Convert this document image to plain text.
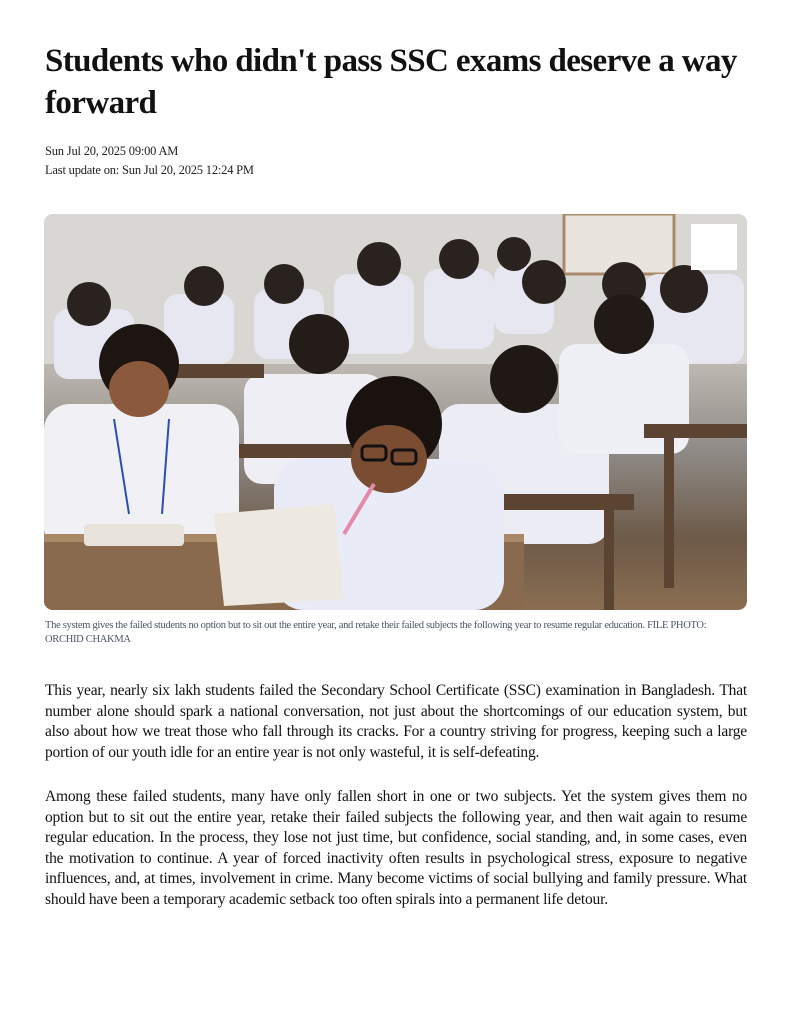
Students who didn't pass SSC exams deserve a way forward
Sun Jul 20, 2025 09:00 AM
Last update on: Sun Jul 20, 2025 12:24 PM
The system gives the failed students no option but to sit out the entire year, and retake their failed subjects the following year to resume regular education. FILE PHOTO: ORCHID CHAKMA

This year, nearly six lakh students failed the Secondary School Certificate (SSC) examination in Bangladesh. That number alone should spark a national conversation, not just about the shortcomings of our education system, but also about how we treat those who fall through its cracks. For a country striving for progress, keeping such a large portion of our youth idle for an entire year is not only wasteful, it is self-defeating.

Among these failed students, many have only fallen short in one or two subjects. Yet the system gives them no option but to sit out the entire year, retake their failed subjects the following year, and then wait again to resume regular education. In the process, they lose not just time, but confidence, social standing, and, in some cases, even the motivation to continue. A year of forced inactivity often results in psychological stress, exposure to negative influences, and, at times, involvement in crime. Many become victims of social bullying and family pressure. What should have been a temporary academic setback too often spirals into a permanent life detour.
